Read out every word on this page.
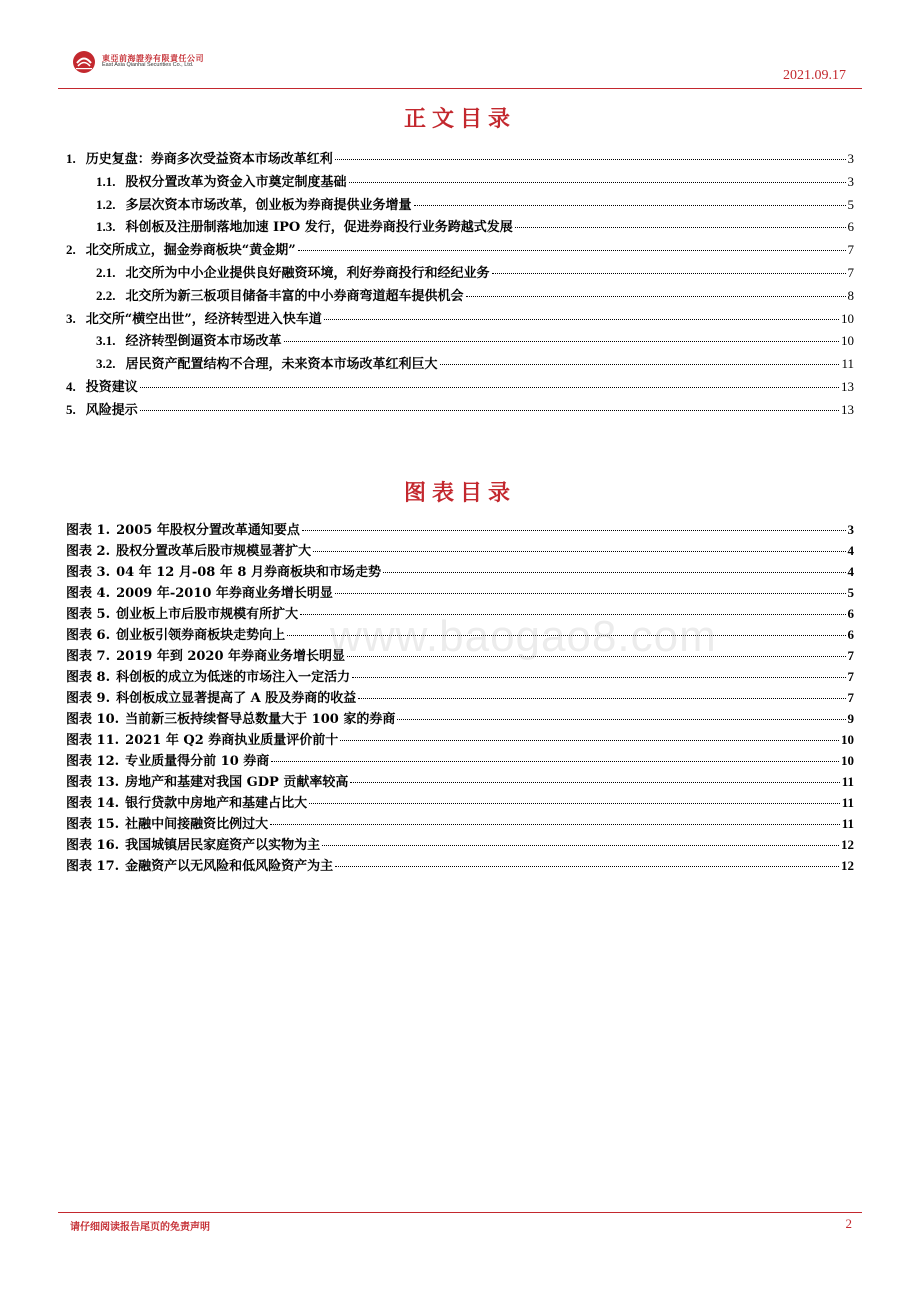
東亞前海證券有限責任公司
East Asia Qianhai Securities Co., Ltd.
2021.09.17
正文目录
1. 历史复盘：券商多次受益资本市场改革红利	3
1.1. 股权分置改革为资金入市奠定制度基础	3
1.2. 多层次资本市场改革，创业板为券商提供业务增量	5
1.3. 科创板及注册制落地加速 IPO 发行，促进券商投行业务跨越式发展	6
2. 北交所成立，掘金券商板块“黄金期”	7
2.1. 北交所为中小企业提供良好融资环境，利好券商投行和经纪业务	7
2.2. 北交所为新三板项目储备丰富的中小券商弯道超车提供机会	8
3. 北交所“横空出世”，经济转型进入快车道	10
3.1. 经济转型倒逼资本市场改革	10
3.2. 居民资产配置结构不合理，未来资本市场改革红利巨大	11
4. 投资建议	13
5. 风险提示	13
图表目录
图表 1. 2005 年股权分置改革通知要点	3
图表 2. 股权分置改革后股市规模显著扩大	4
图表 3. 04 年 12 月-08 年 8 月券商板块和市场走势	4
图表 4. 2009 年-2010 年券商业务增长明显	5
图表 5. 创业板上市后股市规模有所扩大	6
图表 6. 创业板引领券商板块走势向上	6
图表 7. 2019 年到 2020 年券商业务增长明显	7
图表 8. 科创板的成立为低迷的市场注入一定活力	7
图表 9. 科创板成立显著提高了 A 股及券商的收益	7
图表 10. 当前新三板持续督导总数量大于 100 家的券商	9
图表 11. 2021 年 Q2 券商执业质量评价前十	10
图表 12. 专业质量得分前 10 券商	10
图表 13. 房地产和基建对我国 GDP 贡献率较高	11
图表 14. 银行贷款中房地产和基建占比大	11
图表 15. 社融中间接融资比例过大	11
图表 16. 我国城镇居民家庭资产以实物为主	12
图表 17. 金融资产以无风险和低风险资产为主	12
www.baogao8.com
请仔细阅读报告尾页的免责声明	2
